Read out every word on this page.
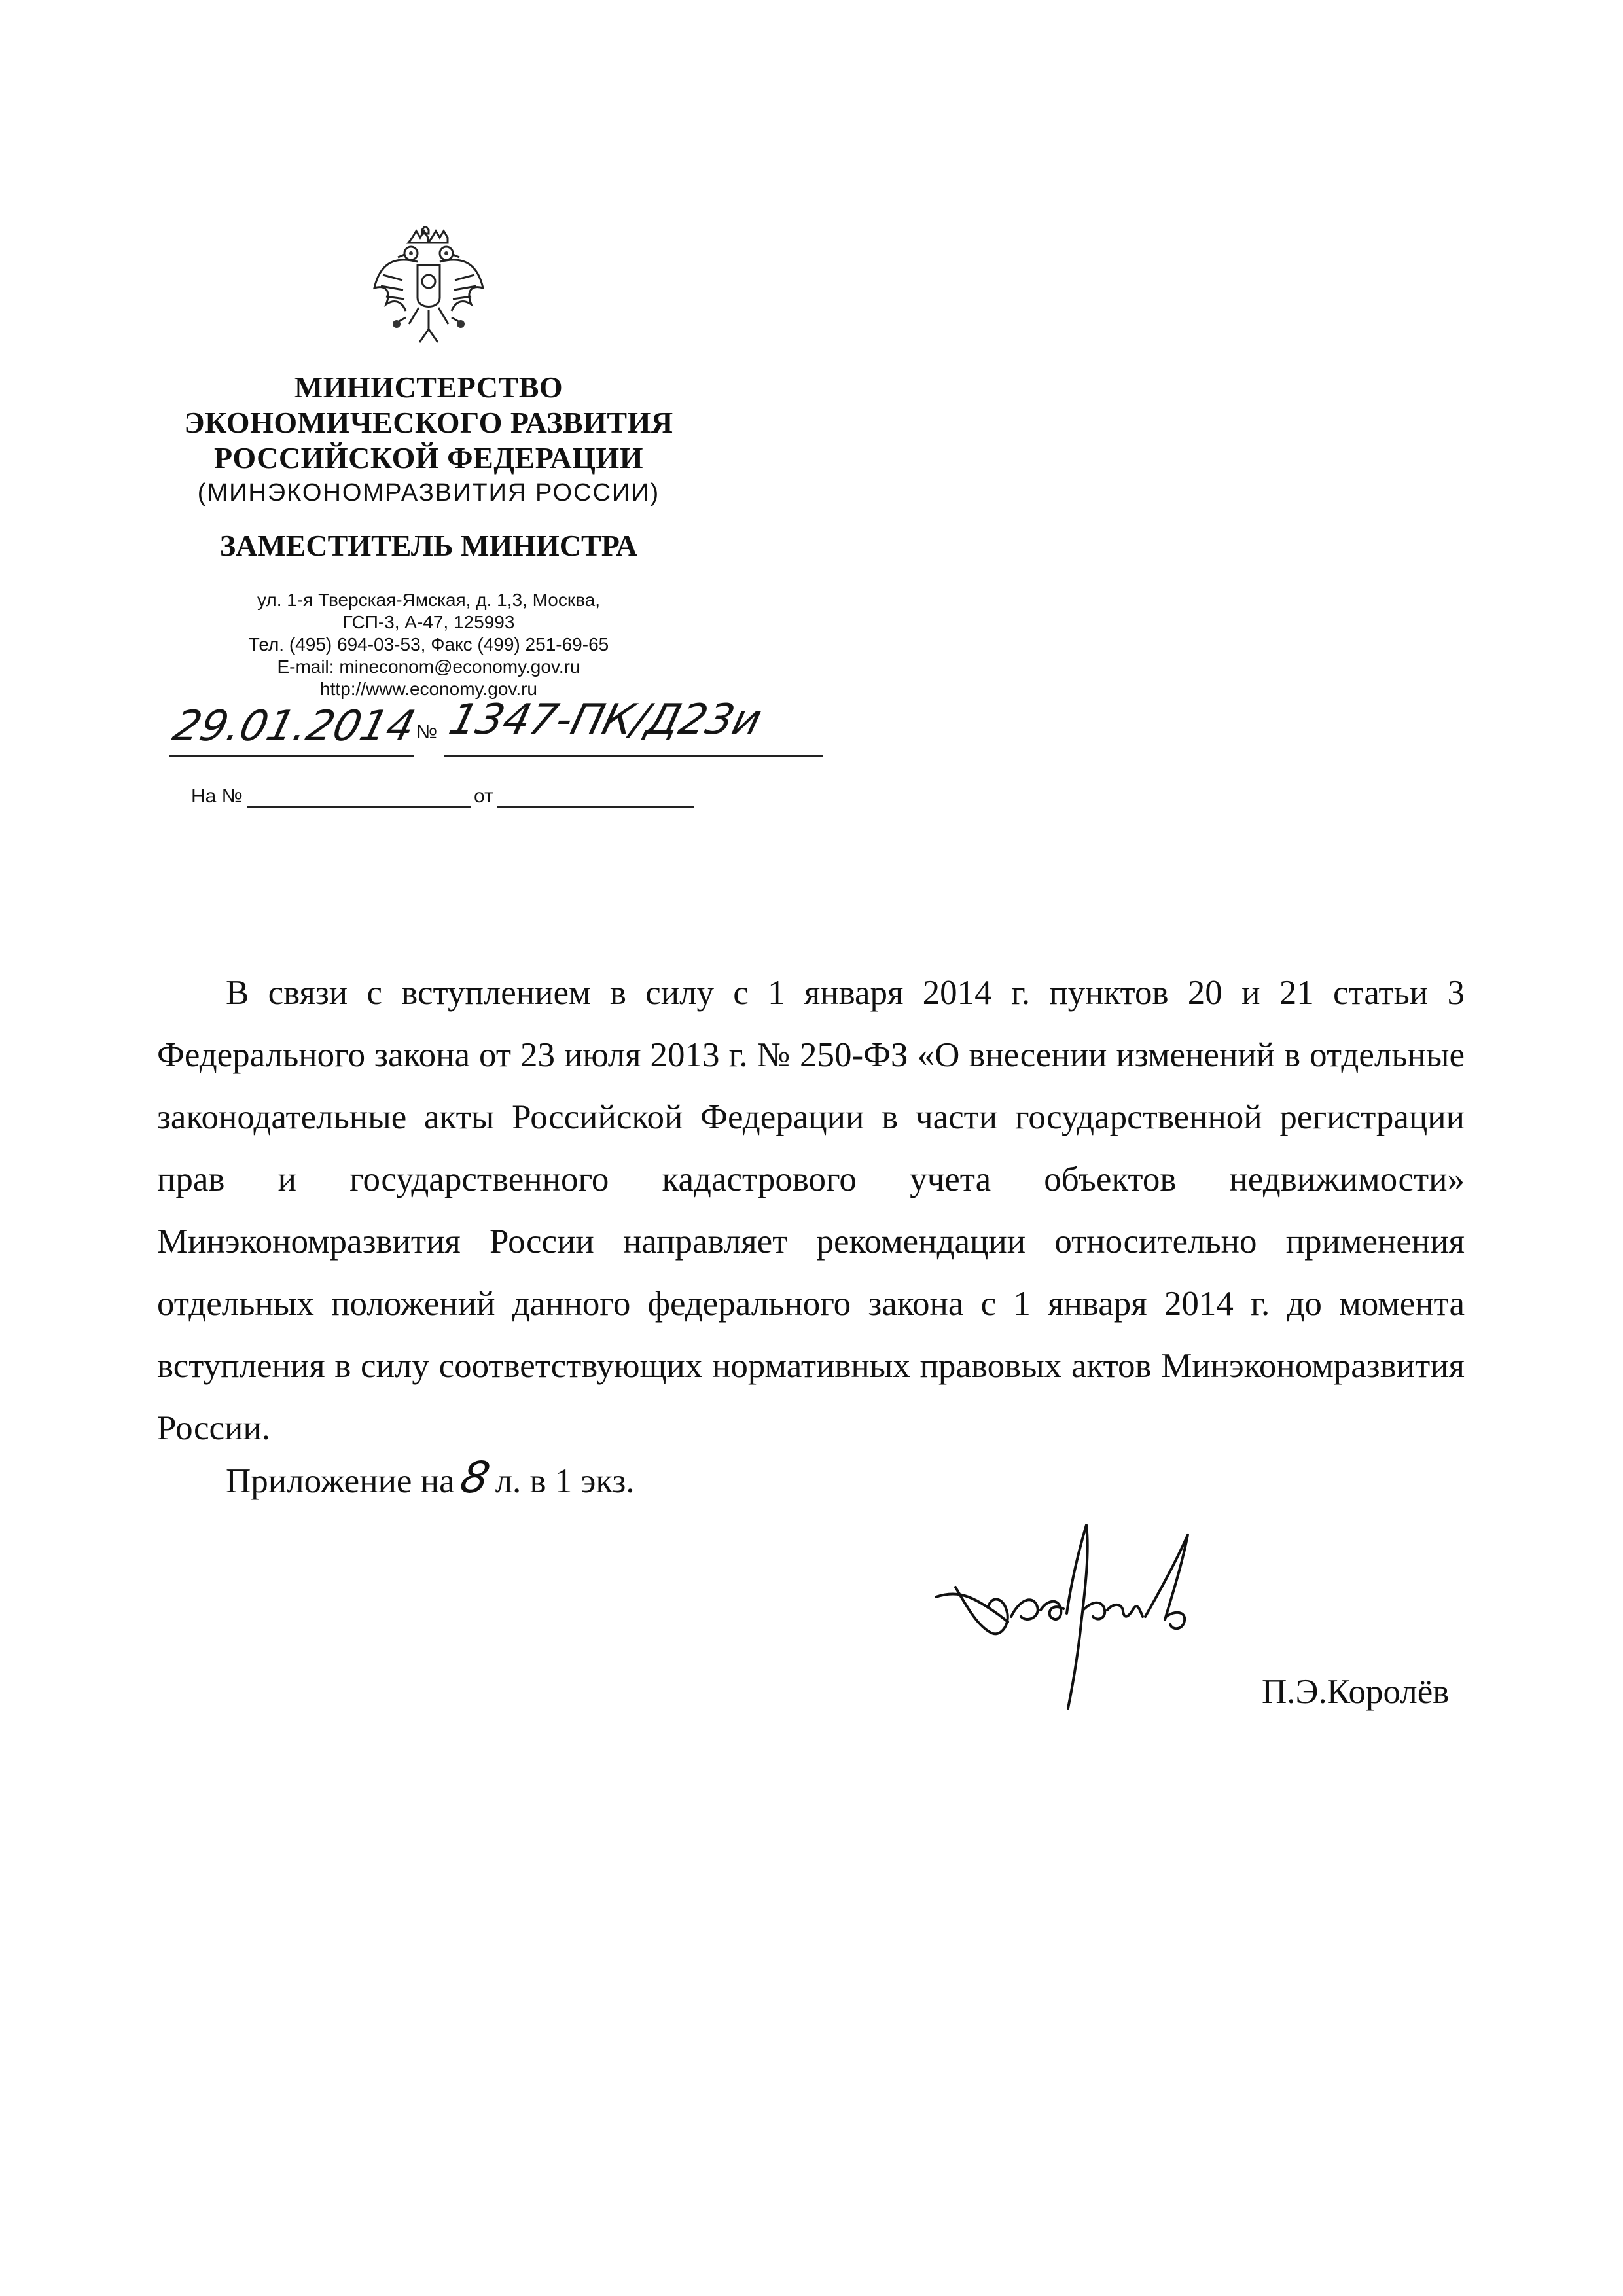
МИНИСТЕРСТВО
ЭКОНОМИЧЕСКОГО РАЗВИТИЯ
РОССИЙСКОЙ ФЕДЕРАЦИИ
(МИНЭКОНОМРАЗВИТИЯ РОССИИ)
ЗАМЕСТИТЕЛЬ МИНИСТРА
ул. 1-я Тверская-Ямская, д. 1,3, Москва,
ГСП-3, А-47, 125993
Тел. (495) 694-03-53, Факс (499) 251-69-65
E-mail: mineconom@economy.gov.ru
http://www.economy.gov.ru
29.01.2014
№ 1347-ПК/Д23и
На №	от

В связи с вступлением в силу с 1 января 2014 г. пунктов 20 и 21 статьи 3 Федерального закона от 23 июля 2013 г. № 250-ФЗ «О внесении изменений в отдельные законодательные акты Российской Федерации в части государственной регистрации прав и государственного кадастрового учета объектов недвижимости» Минэкономразвития России направляет рекомендации относительно применения отдельных положений данного федерального закона с 1 января 2014 г. до момента вступления в силу соответствующих нормативных правовых актов Минэкономразвития России.

Приложение на8л. в 1 экз.
П.Э.Королёв
